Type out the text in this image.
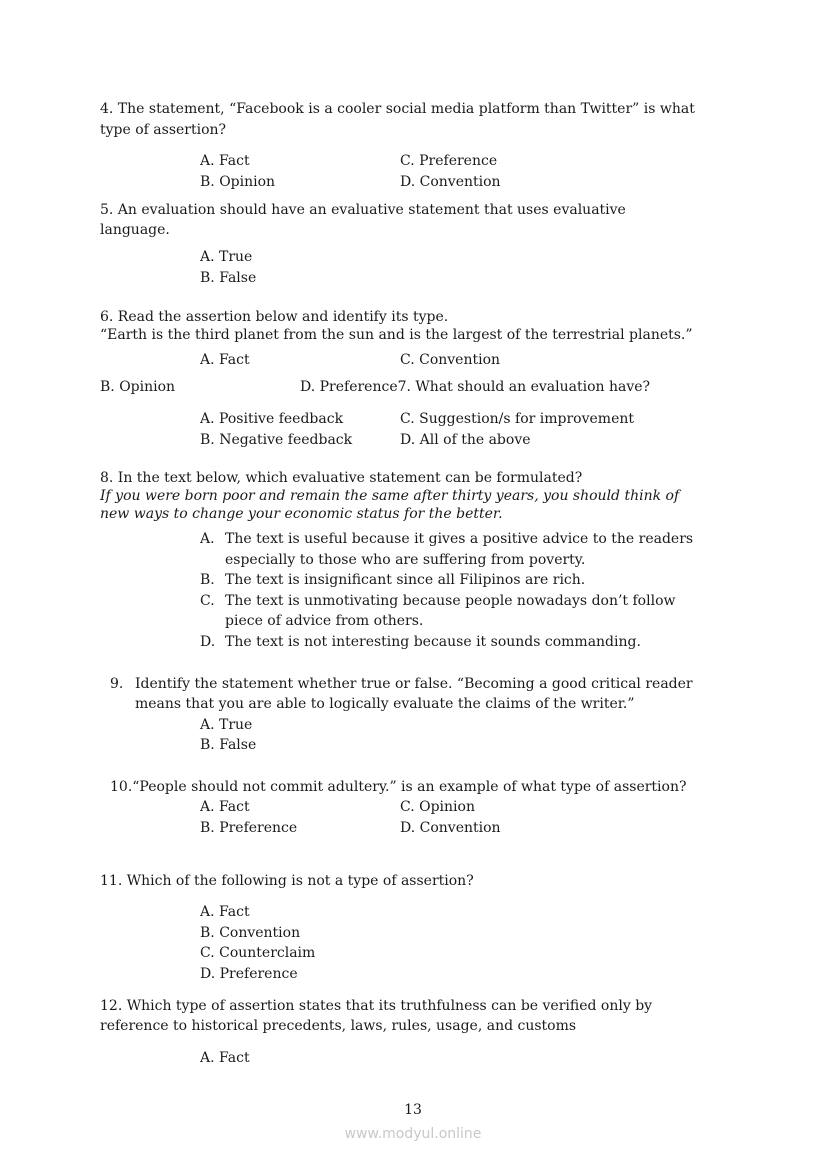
4. The statement, “Facebook is a cooler social media platform than Twitter” is what
type of assertion?
A. Fact	C. Preference
B. Opinion	D. Convention
5. An evaluation should have an evaluative statement that uses evaluative
language.
A. True
B. False
6. Read the assertion below and identify its type.
“Earth is the third planet from the sun and is the largest of the terrestrial planets.”
A. Fact	C. Convention
B. Opinion	D. Preference7. What should an evaluation have?
A. Positive feedback	C. Suggestion/s for improvement
B. Negative feedback	D. All of the above
8. In the text below, which evaluative statement can be formulated?
If you were born poor and remain the same after thirty years, you should think of
new ways to change your economic status for the better.
A. The text is useful because it gives a positive advice to the readers
especially to those who are suffering from poverty.
B. The text is insignificant since all Filipinos are rich.
C. The text is unmotivating because people nowadays don’t follow
piece of advice from others.
D. The text is not interesting because it sounds commanding.
9. Identify the statement whether true or false. “Becoming a good critical reader
means that you are able to logically evaluate the claims of the writer.”
A. True
B. False
10.“People should not commit adultery.” is an example of what type of assertion?
A. Fact	C. Opinion
B. Preference	D. Convention
11. Which of the following is not a type of assertion?
A. Fact
B. Convention
C. Counterclaim
D. Preference
12. Which type of assertion states that its truthfulness can be verified only by
reference to historical precedents, laws, rules, usage, and customs
A. Fact
13
www.modyul.online
